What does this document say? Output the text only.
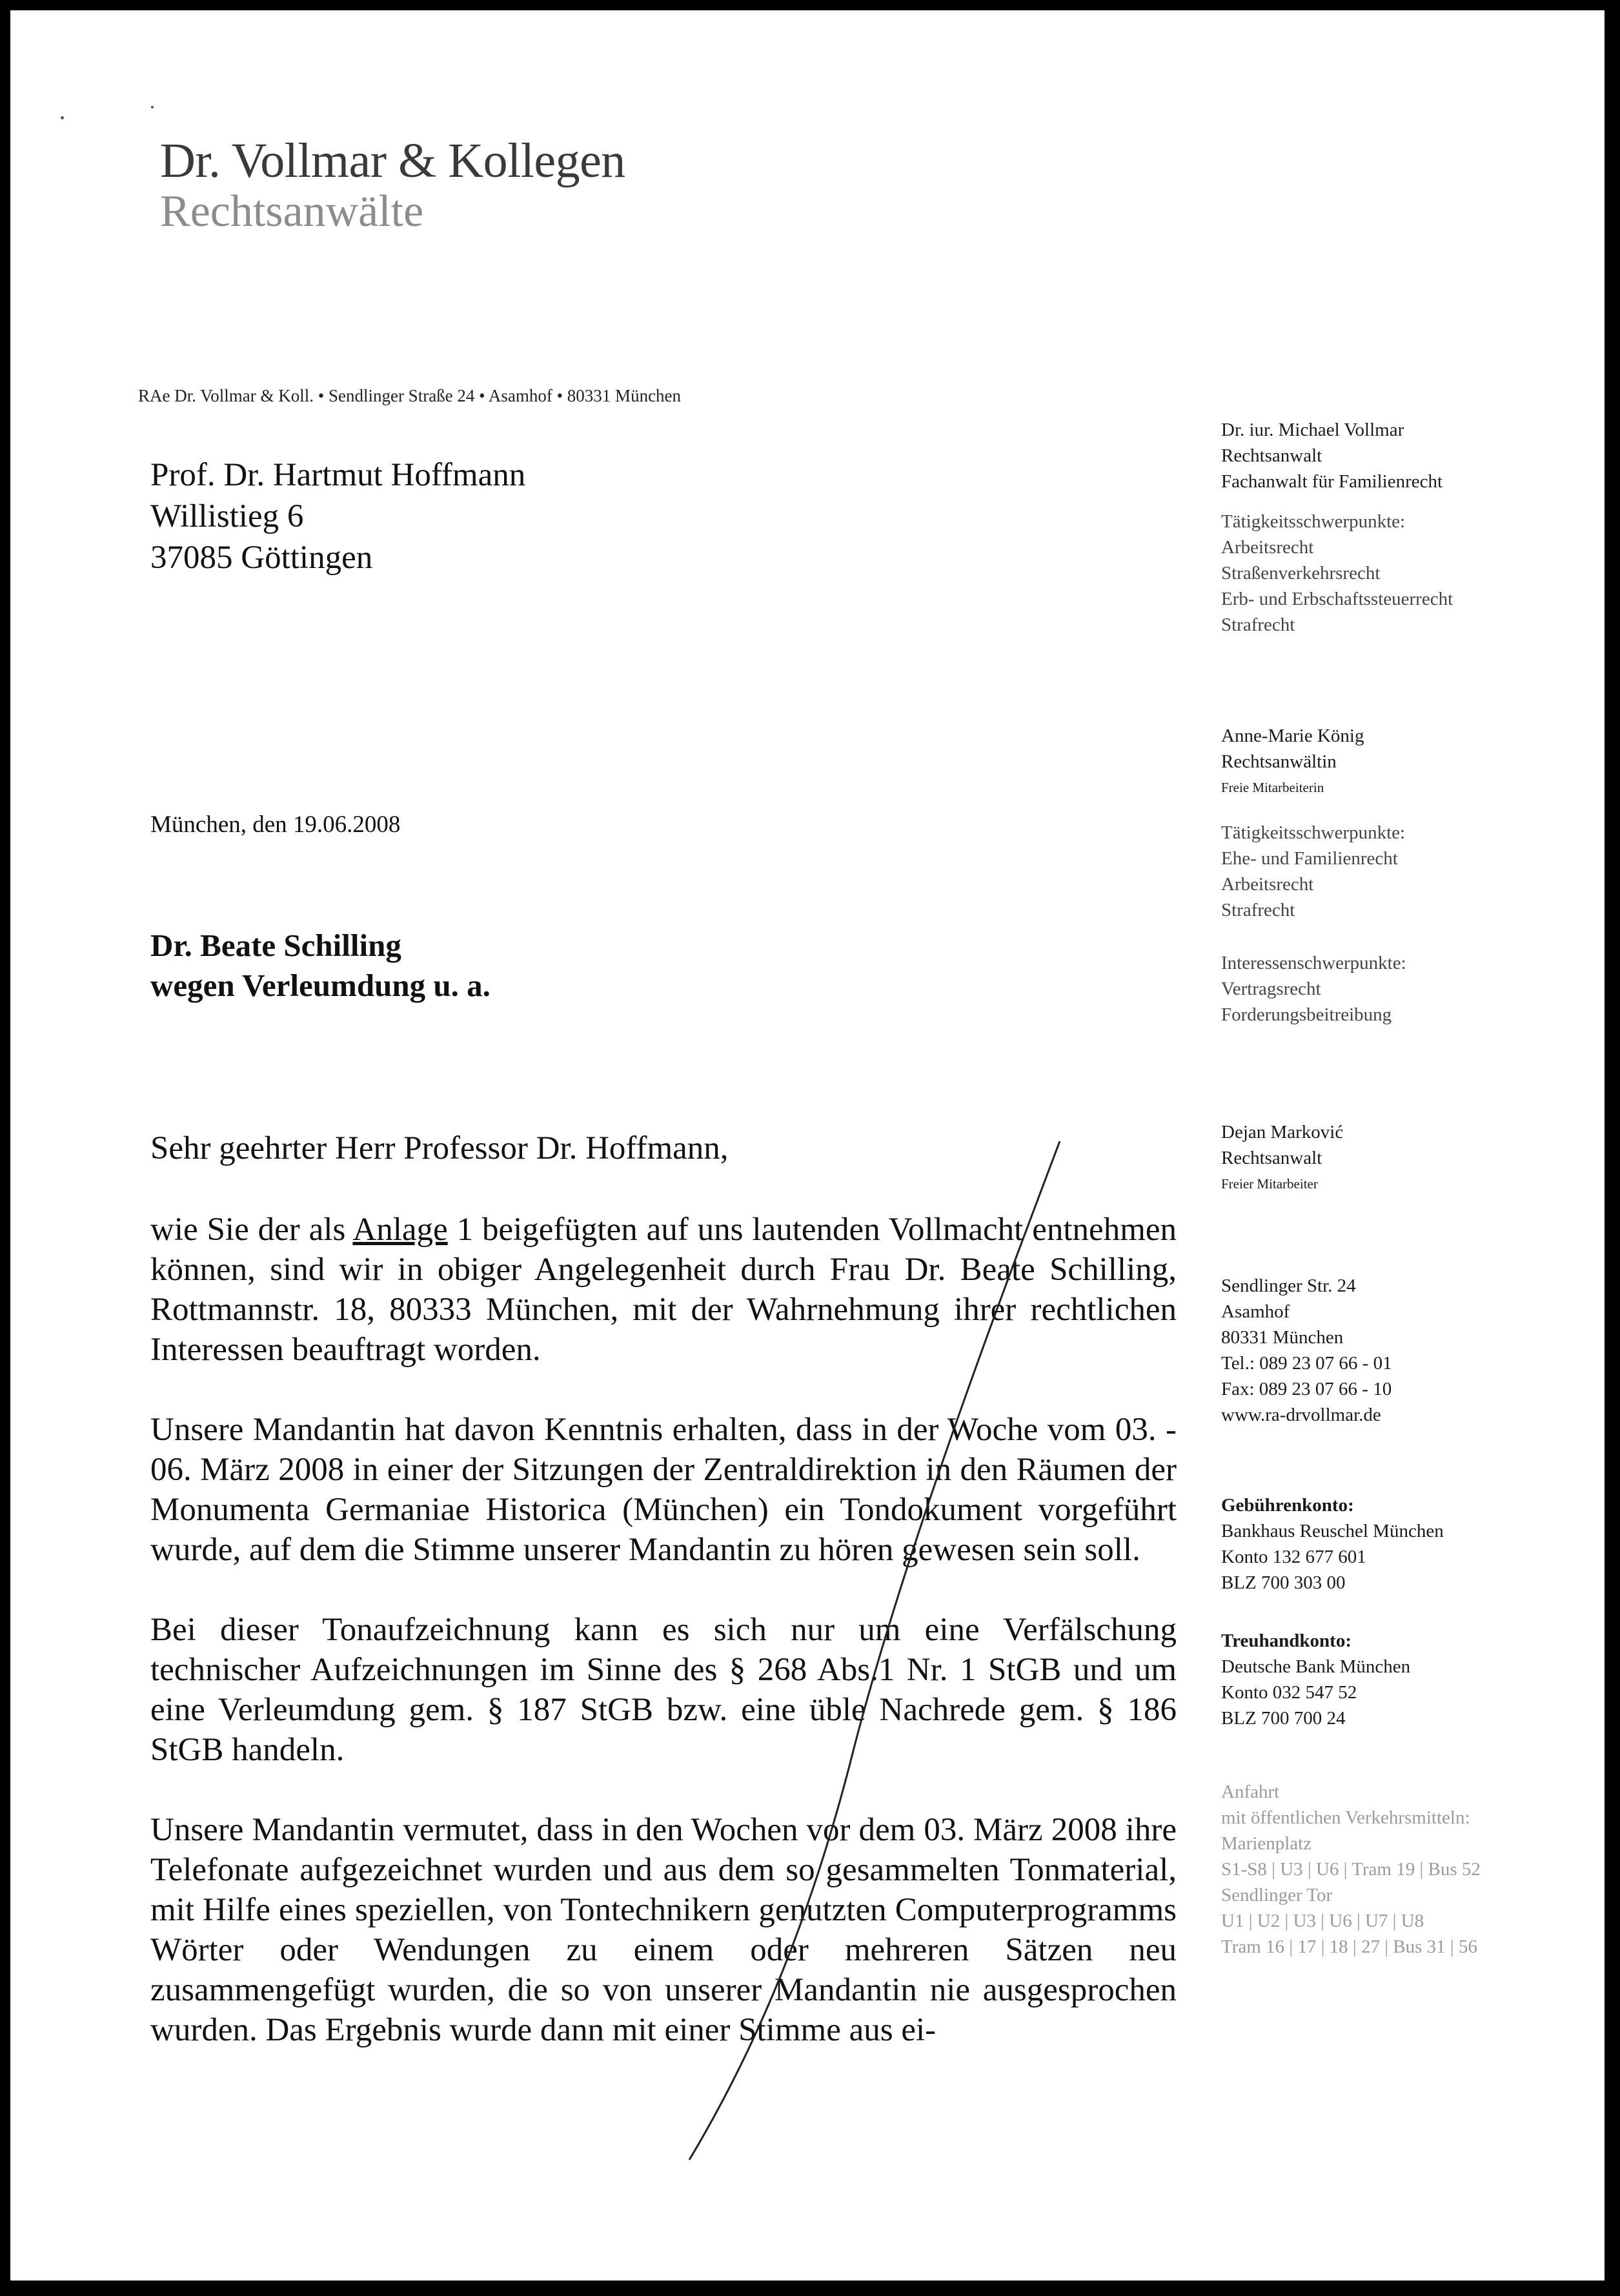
Dr. Vollmar & Kollegen
Rechtsanwälte
RAe Dr. Vollmar & Koll. • Sendlinger Straße 24 • Asamhof • 80331 München
Prof. Dr. Hartmut Hoffmann
Willistieg 6
37085 Göttingen
München, den 19.06.2008
Dr. Beate Schilling
wegen Verleumdung u. a.
Sehr geehrter Herr Professor Dr. Hoffmann,

wie Sie der als Anlage 1 beigefügten auf uns lautenden Vollmacht entnehmen können, sind wir in obiger Angelegenheit durch Frau Dr. Beate Schilling, Rottmannstr. 18, 80333 München, mit der Wahrnehmung ihrer rechtlichen Interessen beauftragt worden.

Unsere Mandantin hat davon Kenntnis erhalten, dass in der Woche vom 03. - 06. März 2008 in einer der Sitzungen der Zentraldirektion in den Räumen der Monumenta Germaniae Historica (München) ein Tondokument vorgeführt wurde, auf dem die Stimme unserer Mandantin zu hören gewesen sein soll.

Bei dieser Tonaufzeichnung kann es sich nur um eine Verfälschung technischer Aufzeichnungen im Sinne des § 268 Abs.1 Nr. 1 StGB und um eine Verleumdung gem. § 187 StGB bzw. eine üble Nachrede gem. § 186 StGB handeln.

Unsere Mandantin vermutet, dass in den Wochen vor dem 03. März 2008 ihre Telefonate aufgezeichnet wurden und aus dem so gesammelten Tonmaterial, mit Hilfe eines speziellen, von Tontechnikern genutzten Computerprogramms Wörter oder Wendungen zu einem oder mehreren Sätzen neu zusammengefügt wurden, die so von unserer Mandantin nie ausgesprochen wurden. Das Ergebnis wurde dann mit einer Stimme aus ei-

Dr. iur. Michael Vollmar
Rechtsanwalt
Fachanwalt für Familienrecht
Tätigkeitsschwerpunkte:
Arbeitsrecht
Straßenverkehrsrecht
Erb- und Erbschaftssteuerrecht
Strafrecht
Anne-Marie König
Rechtsanwältin
Freie Mitarbeiterin
Tätigkeitsschwerpunkte:
Ehe- und Familienrecht
Arbeitsrecht
Strafrecht
Interessenschwerpunkte:
Vertragsrecht
Forderungsbeitreibung
Dejan Marković
Rechtsanwalt
Freier Mitarbeiter
Sendlinger Str. 24
Asamhof
80331 München
Tel.: 089 23 07 66 - 01
Fax: 089 23 07 66 - 10
www.ra-drvollmar.de
Gebührenkonto:
Bankhaus Reuschel München
Konto 132 677 601
BLZ 700 303 00
Treuhandkonto:
Deutsche Bank München
Konto 032 547 52
BLZ 700 700 24
Anfahrt
mit öffentlichen Verkehrsmitteln:
Marienplatz
S1-S8 | U3 | U6 | Tram 19 | Bus 52
Sendlinger Tor
U1 | U2 | U3 | U6 | U7 | U8
Tram 16 | 17 | 18 | 27 | Bus 31 | 56
